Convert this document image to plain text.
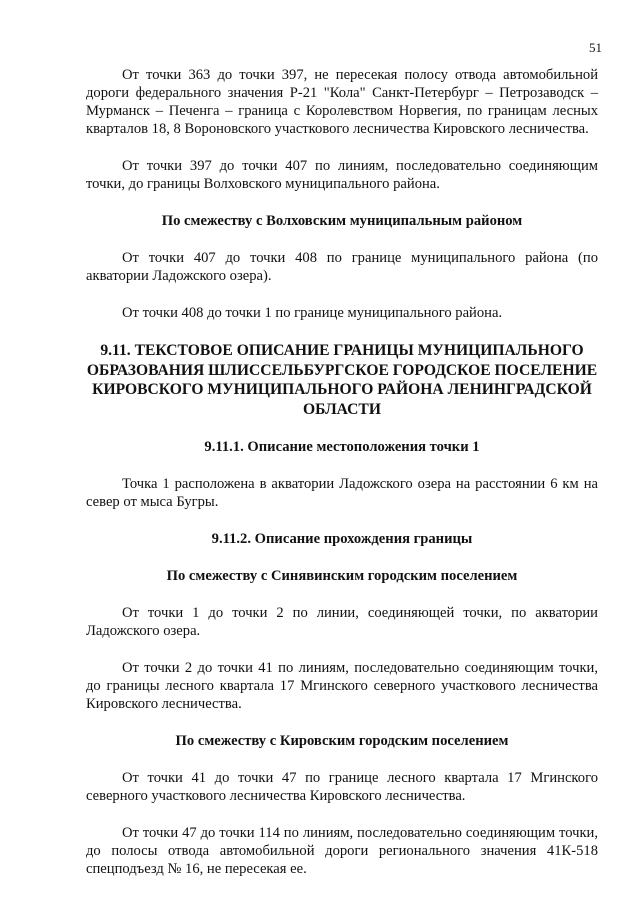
51

От точки 363 до точки 397, не пересекая полосу отвода автомобильной дороги федерального значения Р-21 "Кола" Санкт-Петербург – Петрозаводск – Мурманск – Печенга – граница с Королевством Норвегия, по границам лесных кварталов 18, 8 Вороновского участкового лесничества Кировского лесничества.

От точки 397 до точки 407 по линиям, последовательно соединяющим точки, до границы Волховского муниципального района.

По смежеству с Волховским муниципальным районом

От точки 407 до точки 408 по границе муниципального района (по акватории Ладожского озера).

От точки 408 до точки 1 по границе муниципального района.

9.11. ТЕКСТОВОЕ ОПИСАНИЕ ГРАНИЦЫ МУНИЦИПАЛЬНОГО ОБРАЗОВАНИЯ ШЛИССЕЛЬБУРГСКОЕ ГОРОДСКОЕ ПОСЕЛЕНИЕ КИРОВСКОГО МУНИЦИПАЛЬНОГО РАЙОНА ЛЕНИНГРАДСКОЙ ОБЛАСТИ

9.11.1. Описание местоположения точки 1

Точка 1 расположена в акватории Ладожского озера на расстоянии 6 км на север от мыса Бугры.

9.11.2. Описание прохождения границы

По смежеству с Синявинским городским поселением

От точки 1 до точки 2 по линии, соединяющей точки, по акватории Ладожского озера.

От точки 2 до точки 41 по линиям, последовательно соединяющим точки, до границы лесного квартала 17 Мгинского северного участкового лесничества Кировского лесничества.

По смежеству с Кировским городским поселением

От точки 41 до точки 47 по границе лесного квартала 17 Мгинского северного участкового лесничества Кировского лесничества.

От точки 47 до точки 114 по линиям, последовательно соединяющим точки, до полосы отвода автомобильной дороги регионального значения 41К-518 спецподъезд № 16, не пересекая ее.
